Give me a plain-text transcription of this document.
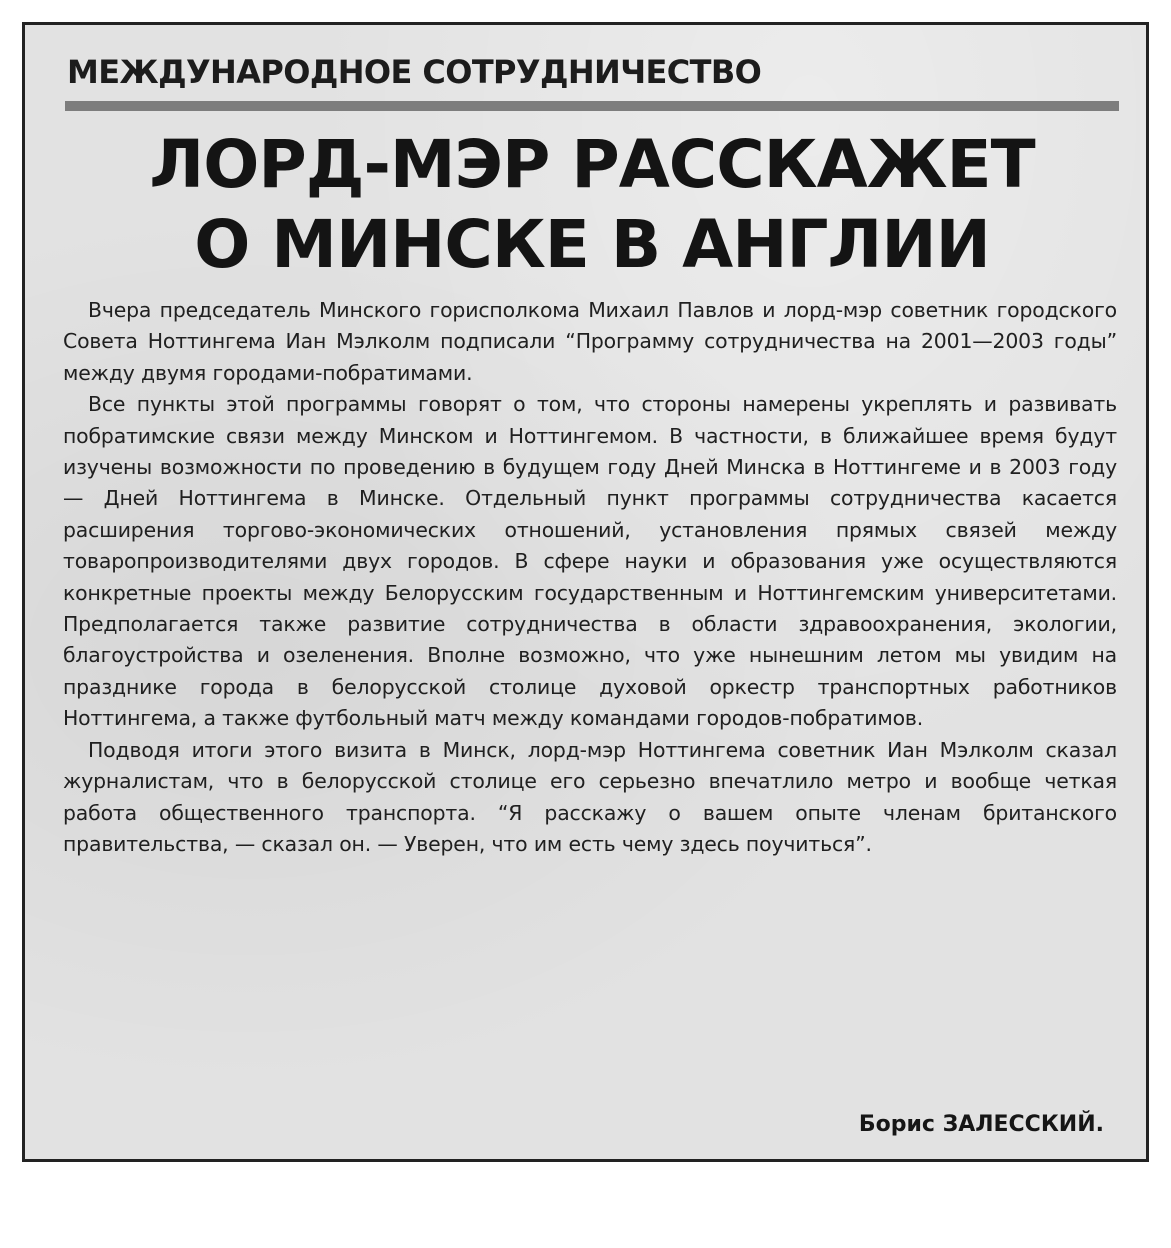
МЕЖДУНАРОДНОЕ СОТРУДНИЧЕСТВО
ЛОРД-МЭР РАССКАЖЕТ
О МИНСКЕ В АНГЛИИ

Вчера председатель Минского горисполкома Михаил Павлов и лорд-мэр советник городского Совета Ноттингема Иан Мэлколм подписали “Программу сотрудничества на 2001—2003 годы” между двумя городами-побратимами.

Все пункты этой программы говорят о том, что стороны намерены укреплять и развивать побратимские связи между Минском и Ноттингемом. В частности, в ближайшее время будут изучены возможности по проведению в будущем году Дней Минска в Ноттингеме и в 2003 году — Дней Ноттингема в Минске. Отдельный пункт программы сотрудничества касается расширения торгово-экономических отношений, установления прямых связей между товаропроизводителями двух городов. В сфере науки и образования уже осуществляются конкретные проекты между Белорусским государственным и Ноттингемским университетами. Предполагается также развитие сотрудничества в области здравоохранения, экологии, благоустройства и озеленения. Вполне возможно, что уже нынешним летом мы увидим на празднике города в белорусской столице духовой оркестр транспортных работников Ноттингема, а также футбольный матч между командами городов-побратимов.

Подводя итоги этого визита в Минск, лорд-мэр Ноттингема советник Иан Мэлколм сказал журналистам, что в белорусской столице его серьезно впечатлило метро и вообще четкая работа общественного транспорта. “Я расскажу о вашем опыте членам британского правительства, — сказал он. — Уверен, что им есть чему здесь поучиться”.

Борис ЗАЛЕССКИЙ.
